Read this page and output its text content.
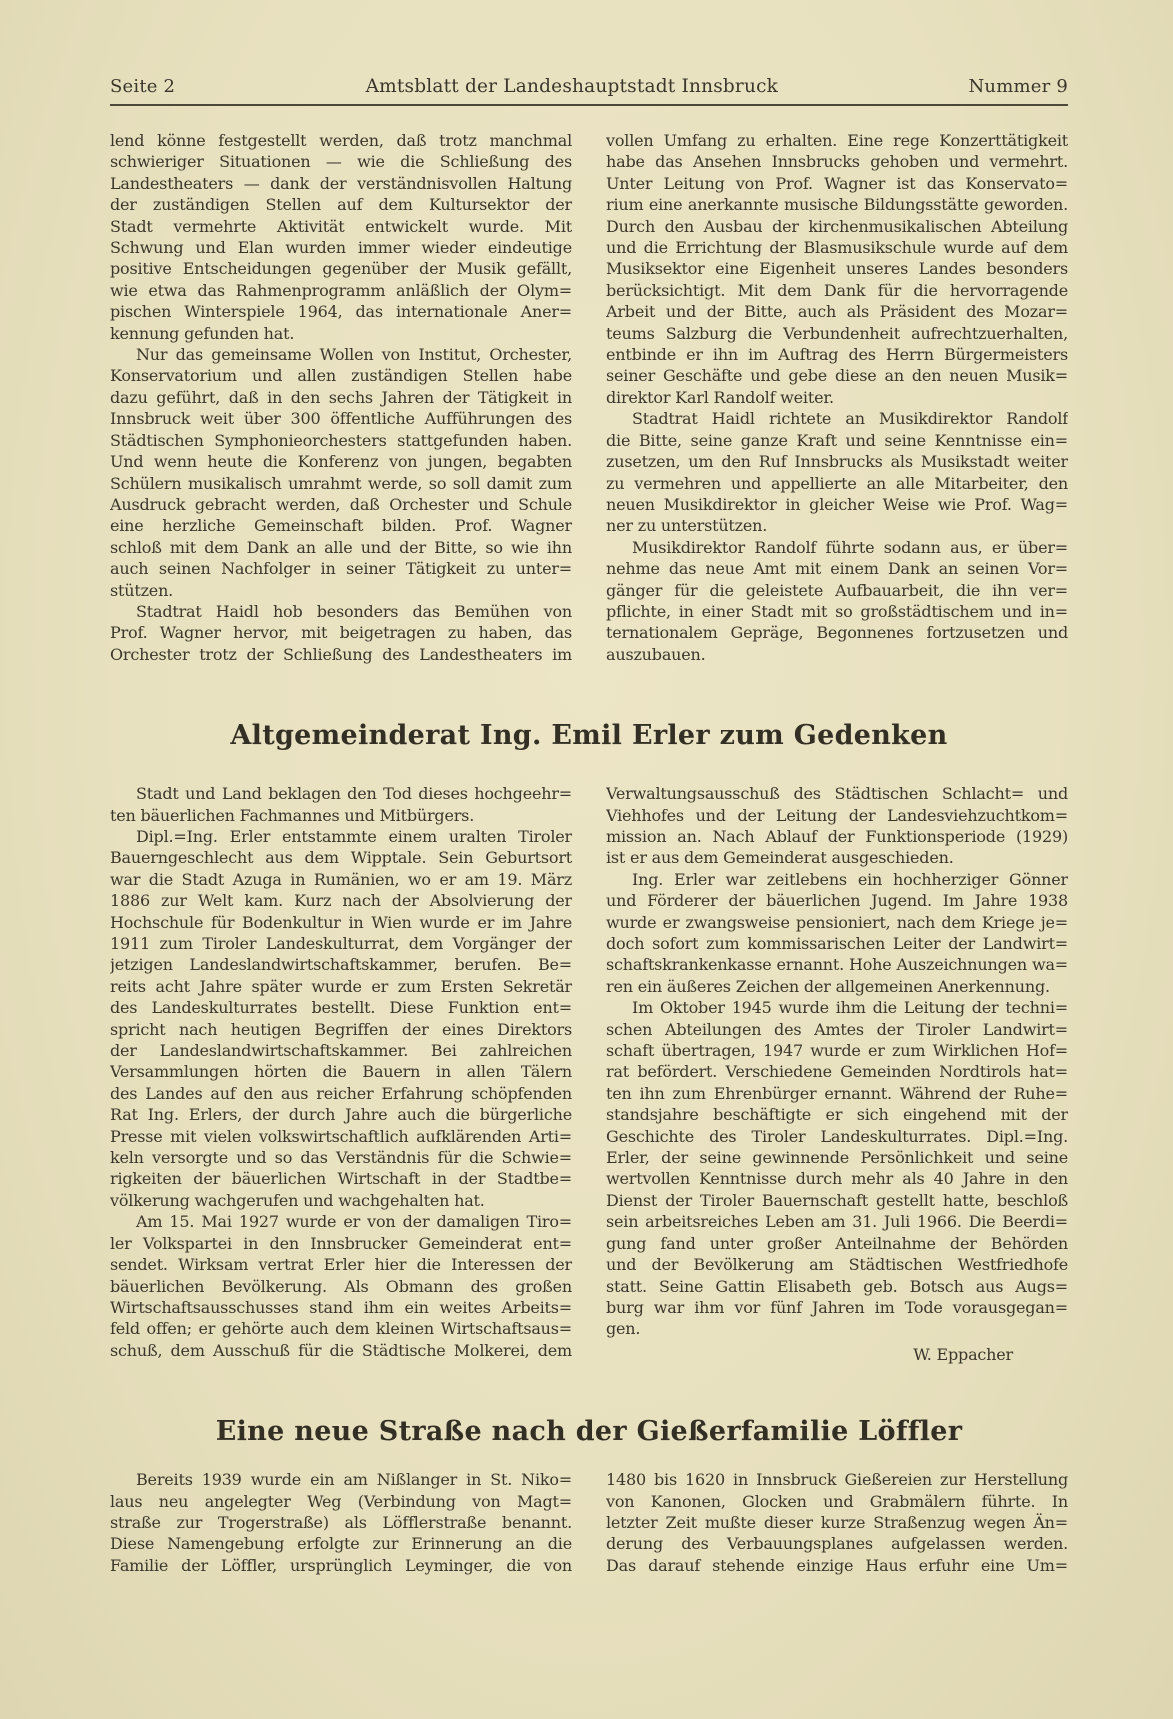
Seite 2	Amtsblatt der Landeshauptstadt Innsbruck	Nummer 9
lend könne festgestellt werden, daß trotz manchmal
schwieriger Situationen — wie die Schließung des
Landestheaters — dank der verständnisvollen Haltung
der zuständigen Stellen auf dem Kultursektor der
Stadt vermehrte Aktivität entwickelt wurde. Mit
Schwung und Elan wurden immer wieder eindeutige
positive Entscheidungen gegenüber der Musik gefällt,
wie etwa das Rahmenprogramm anläßlich der Olym=
pischen Winterspiele 1964, das internationale Aner=
kennung gefunden hat.
Nur das gemeinsame Wollen von Institut, Orchester,
Konservatorium und allen zuständigen Stellen habe
dazu geführt, daß in den sechs Jahren der Tätigkeit in
Innsbruck weit über 300 öffentliche Aufführungen des
Städtischen Symphonieorchesters stattgefunden haben.
Und wenn heute die Konferenz von jungen, begabten
Schülern musikalisch umrahmt werde, so soll damit zum
Ausdruck gebracht werden, daß Orchester und Schule
eine herzliche Gemeinschaft bilden. Prof. Wagner
schloß mit dem Dank an alle und der Bitte, so wie ihn
auch seinen Nachfolger in seiner Tätigkeit zu unter=
stützen.
Stadtrat Haidl hob besonders das Bemühen von
Prof. Wagner hervor, mit beigetragen zu haben, das
Orchester trotz der Schließung des Landestheaters im
vollen Umfang zu erhalten. Eine rege Konzerttätigkeit
habe das Ansehen Innsbrucks gehoben und vermehrt.
Unter Leitung von Prof. Wagner ist das Konservato=
rium eine anerkannte musische Bildungsstätte geworden.
Durch den Ausbau der kirchenmusikalischen Abteilung
und die Errichtung der Blasmusikschule wurde auf dem
Musiksektor eine Eigenheit unseres Landes besonders
berücksichtigt. Mit dem Dank für die hervorragende
Arbeit und der Bitte, auch als Präsident des Mozar=
teums Salzburg die Verbundenheit aufrechtzuerhalten,
entbinde er ihn im Auftrag des Herrn Bürgermeisters
seiner Geschäfte und gebe diese an den neuen Musik=
direktor Karl Randolf weiter.
Stadtrat Haidl richtete an Musikdirektor Randolf
die Bitte, seine ganze Kraft und seine Kenntnisse ein=
zusetzen, um den Ruf Innsbrucks als Musikstadt weiter
zu vermehren und appellierte an alle Mitarbeiter, den
neuen Musikdirektor in gleicher Weise wie Prof. Wag=
ner zu unterstützen.
Musikdirektor Randolf führte sodann aus, er über=
nehme das neue Amt mit einem Dank an seinen Vor=
gänger für die geleistete Aufbauarbeit, die ihn ver=
pflichte, in einer Stadt mit so großstädtischem und in=
ternationalem Gepräge, Begonnenes fortzusetzen und
auszubauen.
Altgemeinderat Ing. Emil Erler zum Gedenken
Stadt und Land beklagen den Tod dieses hochgeehr=
ten bäuerlichen Fachmannes und Mitbürgers.
Dipl.=Ing. Erler entstammte einem uralten Tiroler
Bauerngeschlecht aus dem Wipptale. Sein Geburtsort
war die Stadt Azuga in Rumänien, wo er am 19. März
1886 zur Welt kam. Kurz nach der Absolvierung der
Hochschule für Bodenkultur in Wien wurde er im Jahre
1911 zum Tiroler Landeskulturrat, dem Vorgänger der
jetzigen Landeslandwirtschaftskammer, berufen. Be=
reits acht Jahre später wurde er zum Ersten Sekretär
des Landeskulturrates bestellt. Diese Funktion ent=
spricht nach heutigen Begriffen der eines Direktors
der Landeslandwirtschaftskammer. Bei zahlreichen
Versammlungen hörten die Bauern in allen Tälern
des Landes auf den aus reicher Erfahrung schöpfenden
Rat Ing. Erlers, der durch Jahre auch die bürgerliche
Presse mit vielen volkswirtschaftlich aufklärenden Arti=
keln versorgte und so das Verständnis für die Schwie=
rigkeiten der bäuerlichen Wirtschaft in der Stadtbe=
völkerung wachgerufen und wachgehalten hat.
Am 15. Mai 1927 wurde er von der damaligen Tiro=
ler Volkspartei in den Innsbrucker Gemeinderat ent=
sendet. Wirksam vertrat Erler hier die Interessen der
bäuerlichen Bevölkerung. Als Obmann des großen
Wirtschaftsausschusses stand ihm ein weites Arbeits=
feld offen; er gehörte auch dem kleinen Wirtschaftsaus=
schuß, dem Ausschuß für die Städtische Molkerei, dem
Verwaltungsausschuß des Städtischen Schlacht= und
Viehhofes und der Leitung der Landesviehzuchtkom=
mission an. Nach Ablauf der Funktionsperiode (1929)
ist er aus dem Gemeinderat ausgeschieden.
Ing. Erler war zeitlebens ein hochherziger Gönner
und Förderer der bäuerlichen Jugend. Im Jahre 1938
wurde er zwangsweise pensioniert, nach dem Kriege je=
doch sofort zum kommissarischen Leiter der Landwirt=
schaftskrankenkasse ernannt. Hohe Auszeichnungen wa=
ren ein äußeres Zeichen der allgemeinen Anerkennung.
Im Oktober 1945 wurde ihm die Leitung der techni=
schen Abteilungen des Amtes der Tiroler Landwirt=
schaft übertragen, 1947 wurde er zum Wirklichen Hof=
rat befördert. Verschiedene Gemeinden Nordtirols hat=
ten ihn zum Ehrenbürger ernannt. Während der Ruhe=
standsjahre beschäftigte er sich eingehend mit der
Geschichte des Tiroler Landeskulturrates. Dipl.=Ing.
Erler, der seine gewinnende Persönlichkeit und seine
wertvollen Kenntnisse durch mehr als 40 Jahre in den
Dienst der Tiroler Bauernschaft gestellt hatte, beschloß
sein arbeitsreiches Leben am 31. Juli 1966. Die Beerdi=
gung fand unter großer Anteilnahme der Behörden
und der Bevölkerung am Städtischen Westfriedhofe
statt. Seine Gattin Elisabeth geb. Botsch aus Augs=
burg war ihm vor fünf Jahren im Tode vorausgegan=
gen.
W. Eppacher
Eine neue Straße nach der Gießerfamilie Löffler
Bereits 1939 wurde ein am Nißlanger in St. Niko=
laus neu angelegter Weg (Verbindung von Magt=
straße zur Trogerstraße) als Löfflerstraße benannt.
Diese Namengebung erfolgte zur Erinnerung an die
Familie der Löffler, ursprünglich Leyminger, die von
1480 bis 1620 in Innsbruck Gießereien zur Herstellung
von Kanonen, Glocken und Grabmälern führte. In
letzter Zeit mußte dieser kurze Straßenzug wegen Än=
derung des Verbauungsplanes aufgelassen werden.
Das darauf stehende einzige Haus erfuhr eine Um=
